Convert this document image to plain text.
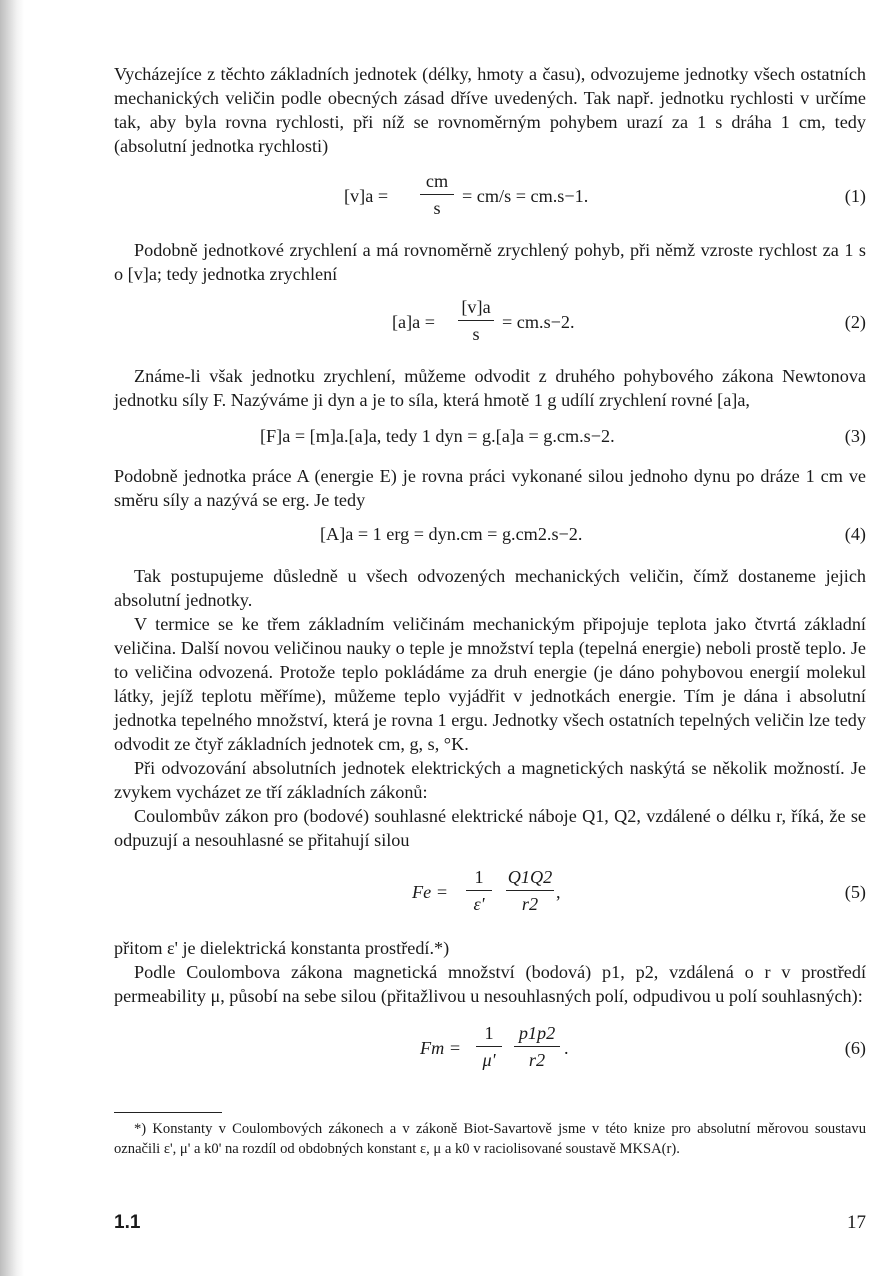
Vycházejíce z těchto základních jednotek (délky, hmoty a času), odvozujeme jednotky všech ostatních mechanických veličin podle obecných zásad dříve uvedených. Tak např. jednotku rychlosti v určíme tak, aby byla rovna rychlosti, při níž se rovnoměrným pohybem urazí za 1 s dráha 1 cm, tedy (absolutní jednotka rychlosti)

[v]a =
cm
s
= cm/s = cm.s−1.	(1)

Podobně jednotkové zrychlení a má rovnoměrně zrychlený pohyb, při němž vzroste rychlost za 1 s o [v]a; tedy jednotka zrychlení

[a]a =
[v]a
s
= cm.s−2.	(2)

Známe-li však jednotku zrychlení, můžeme odvodit z druhého pohybového zákona Newtonova jednotku síly F. Nazýváme ji dyn a je to síla, která hmotě 1 g udílí zrychlení rovné [a]a,

[F]a = [m]a.[a]a, tedy 1 dyn = g.[a]a = g.cm.s−2.	(3)

Podobně jednotka práce A (energie E) je rovna práci vykonané silou jednoho dynu po dráze 1 cm ve směru síly a nazývá se erg. Je tedy

[A]a = 1 erg = dyn.cm = g.cm2.s−2.	(4)

Tak postupujeme důsledně u všech odvozených mechanických veličin, čímž dostaneme jejich absolutní jednotky.

V termice se ke třem základním veličinám mechanickým připojuje teplota jako čtvrtá základní veličina. Další novou veličinou nauky o teple je množství tepla (tepelná energie) neboli prostě teplo. Je to veličina odvozená. Protože teplo pokládáme za druh energie (je dáno pohybovou energií molekul látky, jejíž teplotu měříme), můžeme teplo vyjádřit v jednotkách energie. Tím je dána i absolutní jednotka tepelného množství, která je rovna 1 ergu. Jednotky všech ostatních tepelných veličin lze tedy odvodit ze čtyř základních jednotek cm, g, s, °K.

Při odvozování absolutních jednotek elektrických a magnetických naskýtá se několik možností. Je zvykem vycházet ze tří základních zákonů:

Coulombův zákon pro (bodové) souhlasné elektrické náboje Q1, Q2, vzdálené o délku r, říká, že se odpuzují a nesouhlasné se přitahují silou

Fe =
1
ε'
Q1Q2
r2
,	(5)

přitom ε' je dielektrická konstanta prostředí.*)

Podle Coulombova zákona magnetická množství (bodová) p1, p2, vzdálená o r v prostředí permeability μ, působí na sebe silou (přitažlivou u nesouhlasných polí, odpudivou u polí souhlasných):

Fm =
1
μ'
p1p2
r2
.	(6)

*) Konstanty v Coulombových zákonech a v zákoně Biot-Savartově jsme v této knize pro absolutní měrovou soustavu označili ε', μ' a k0' na rozdíl od obdobných konstant ε, μ a k0 v raciolisované soustavě MKSA(r).

1.1	17
